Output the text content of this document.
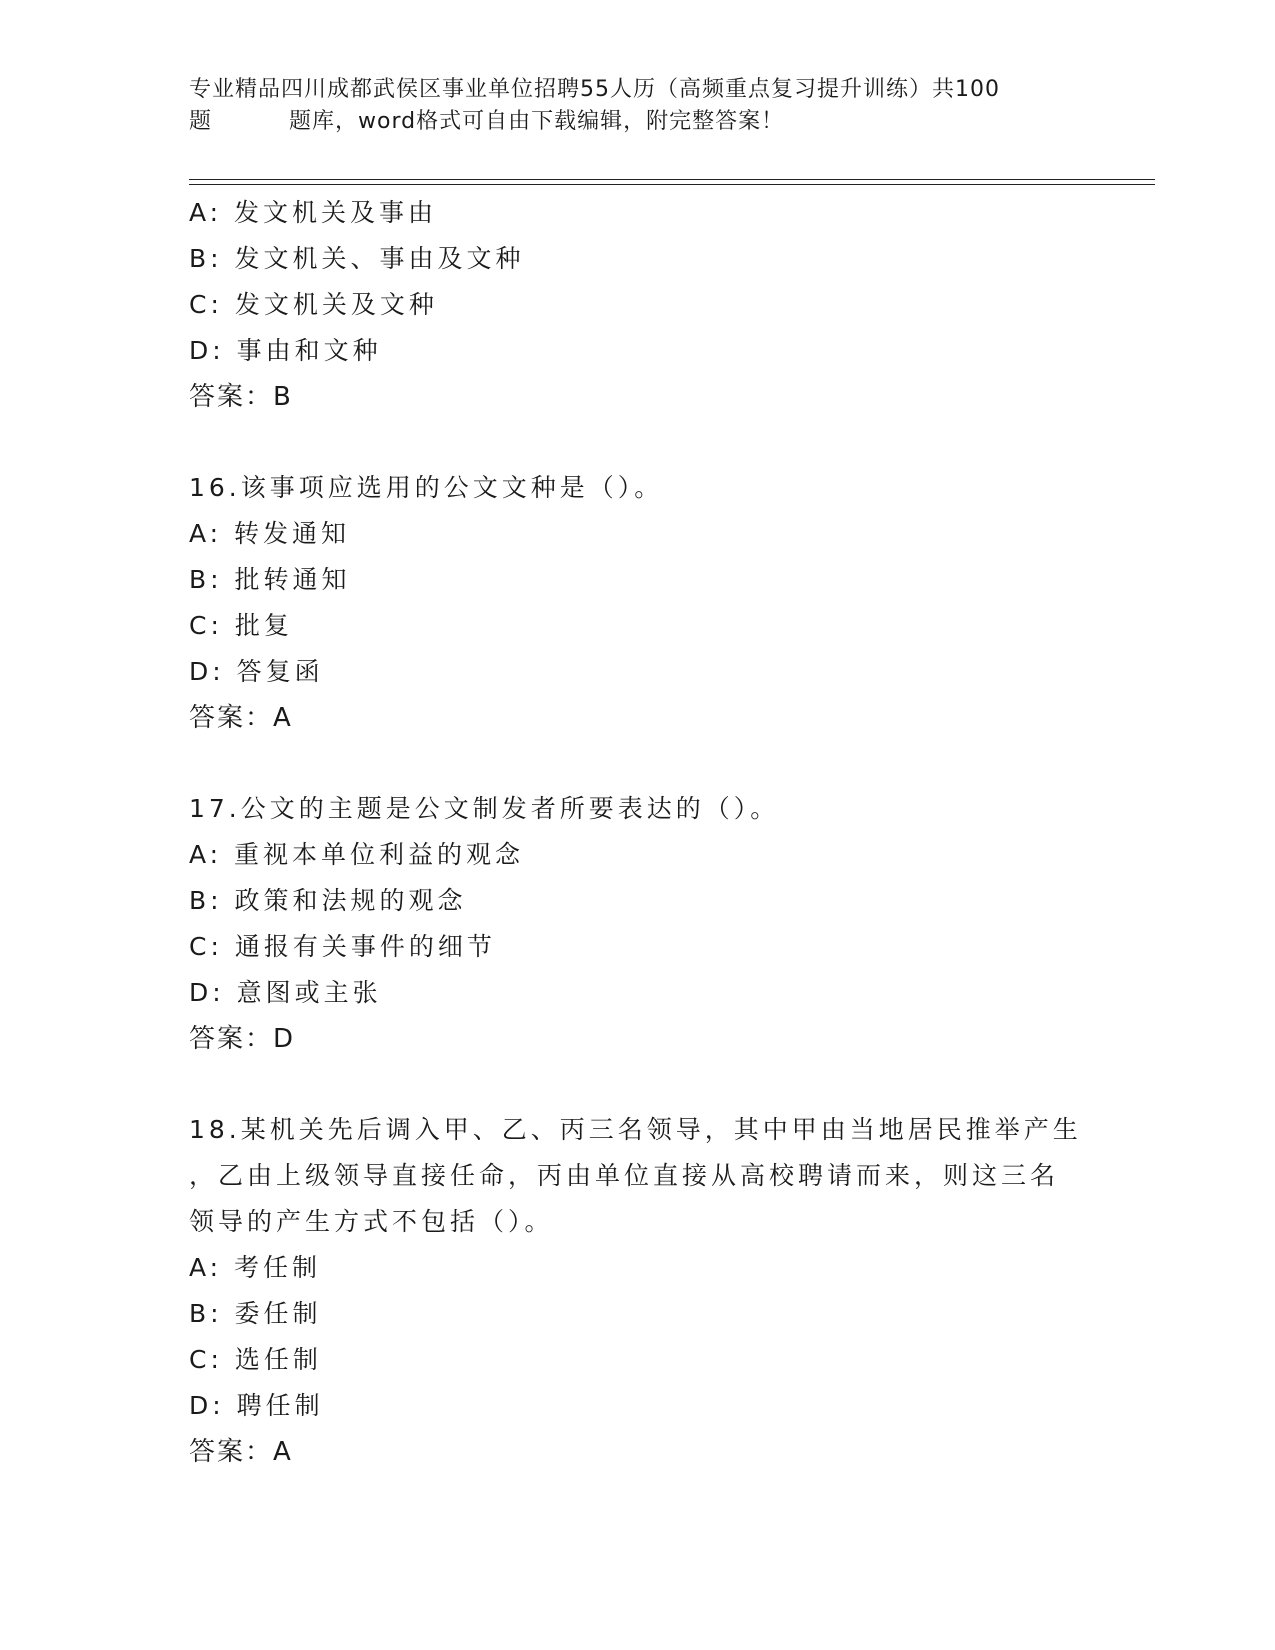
专业精品四川成都武侯区事业单位招聘55人历（高频重点复习提升训练）共100
题	题库，word格式可自由下载编辑，附完整答案！
A: 发文机关及事由
B: 发文机关、事由及文种
C: 发文机关及文种
D: 事由和文种
答案：B
16.该事项应选用的公文文种是（）。
A: 转发通知
B: 批转通知
C: 批复
D: 答复函
答案：A
17.公文的主题是公文制发者所要表达的（）。
A: 重视本单位利益的观念
B: 政策和法规的观念
C: 通报有关事件的细节
D: 意图或主张
答案：D
18.某机关先后调入甲、乙、丙三名领导，其中甲由当地居民推举产生
，乙由上级领导直接任命，丙由单位直接从高校聘请而来，则这三名
领导的产生方式不包括（）。
A: 考任制
B: 委任制
C: 选任制
D: 聘任制
答案：A
